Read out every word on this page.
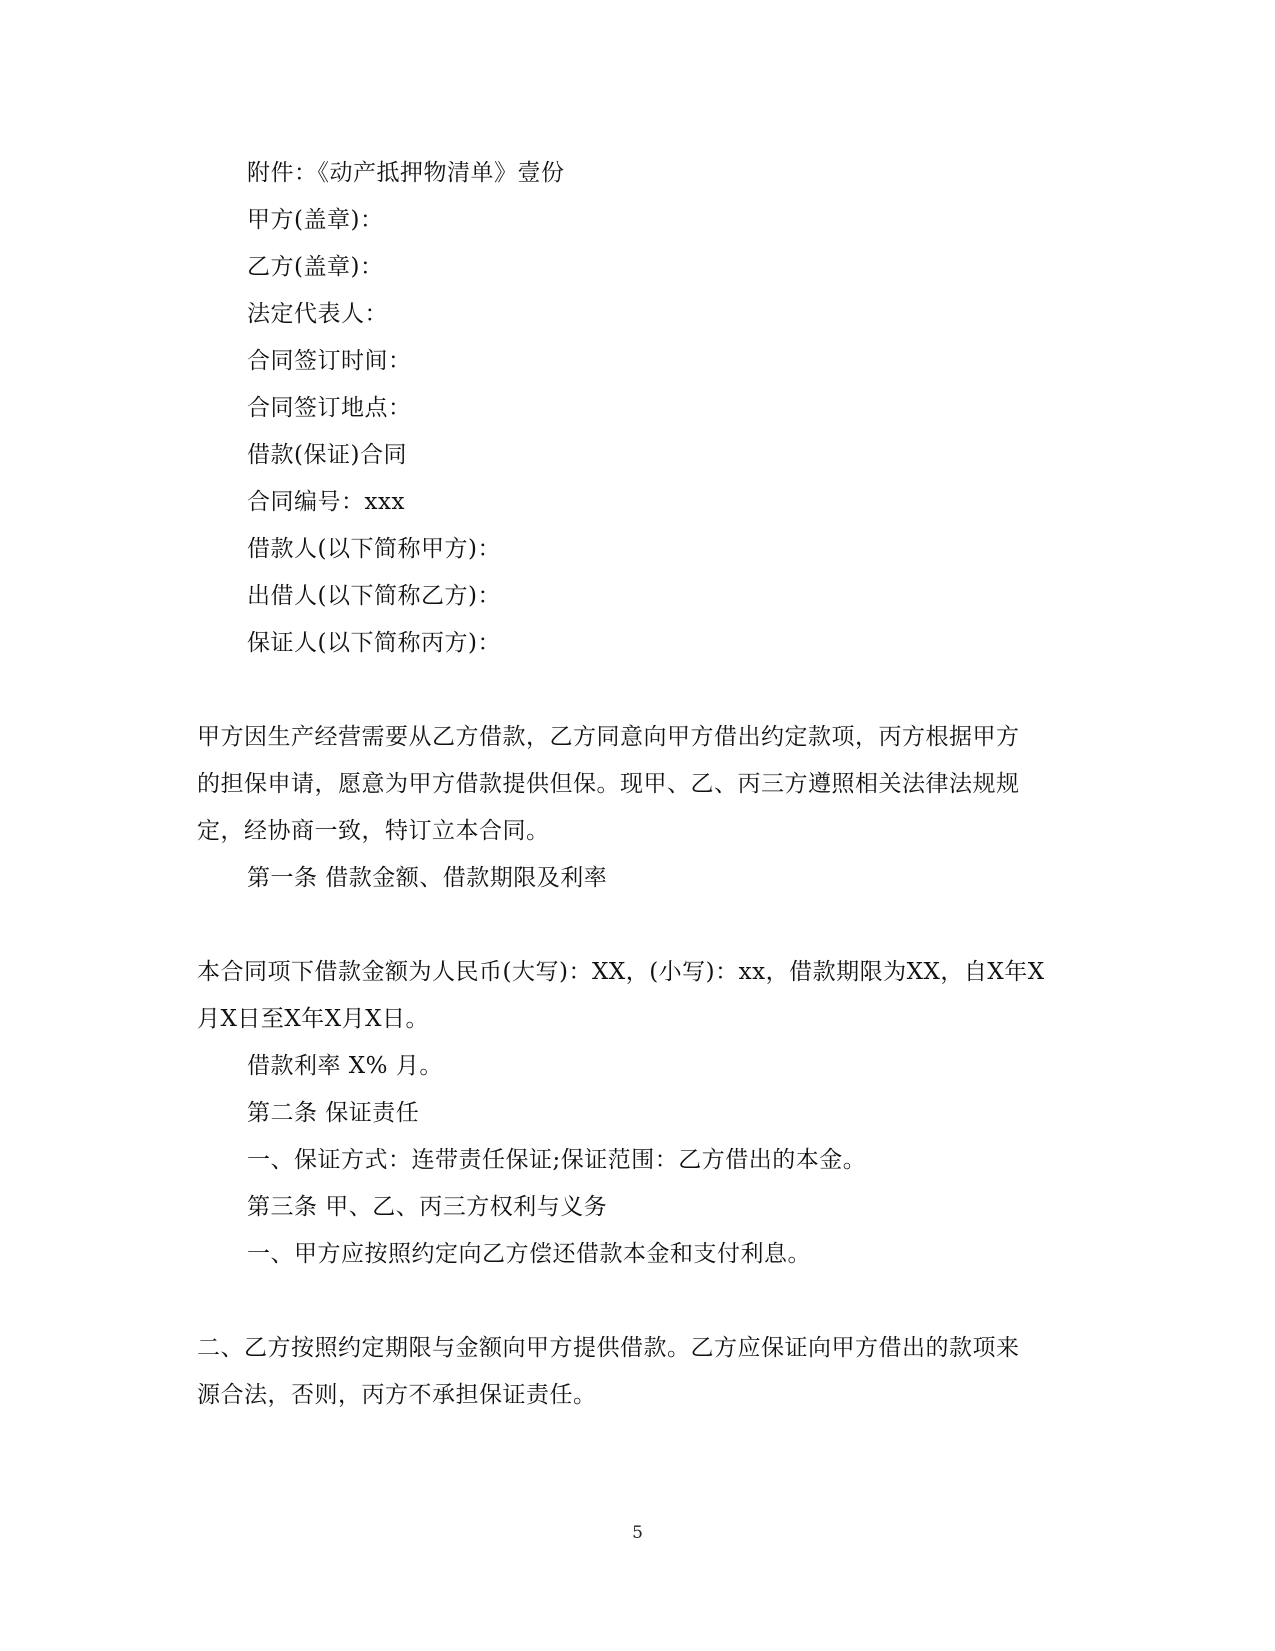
附件：《动产抵押物清单》壹份
甲方(盖章)：
乙方(盖章)：
法定代表人：
合同签订时间：
合同签订地点：
借款(保证)合同
合同编号：xxx
借款人(以下简称甲方)：
出借人(以下简称乙方)：
保证人(以下简称丙方)：
甲方因生产经营需要从乙方借款，乙方同意向甲方借出约定款项，丙方根据甲方
的担保申请，愿意为甲方借款提供但保。现甲、乙、丙三方遵照相关法律法规规
定，经协商一致，特订立本合同。
第一条 借款金额、借款期限及利率
本合同项下借款金额为人民币(大写)：XX，(小写)：xx，借款期限为XX，自X年X
月X日至X年X月X日。
借款利率 X% 月。
第二条 保证责任
一、保证方式：连带责任保证;保证范围：乙方借出的本金。
第三条 甲、乙、丙三方权利与义务
一、甲方应按照约定向乙方偿还借款本金和支付利息。
二、乙方按照约定期限与金额向甲方提供借款。乙方应保证向甲方借出的款项来
源合法，否则，丙方不承担保证责任。
5
